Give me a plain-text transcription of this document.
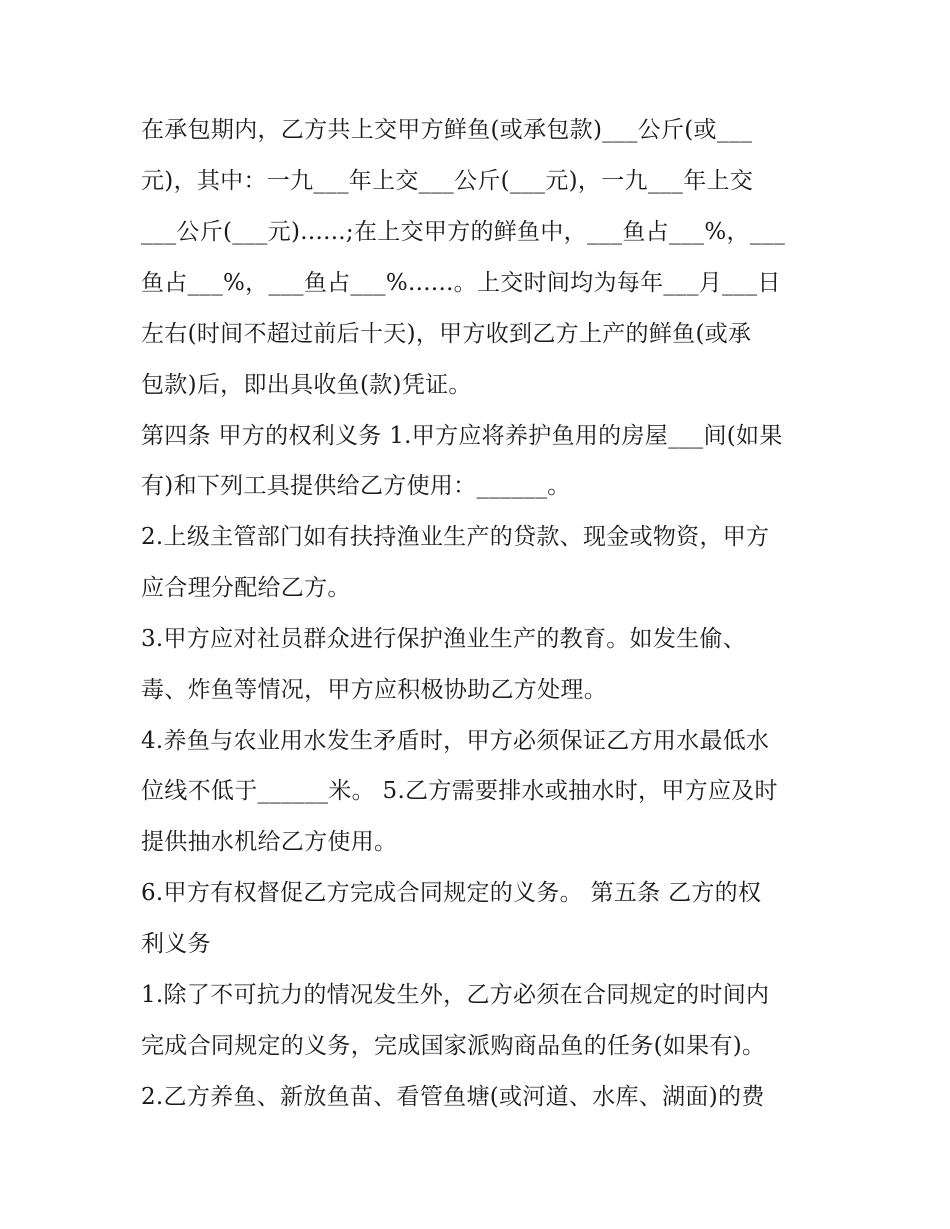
在承包期内，乙方共上交甲方鲜鱼(或承包款)___公斤(或___
元)，其中：一九___年上交___公斤(___元)，一九___年上交
___公斤(___元)......;在上交甲方的鲜鱼中，___鱼占___%，___
鱼占___%，___鱼占___%......。上交时间均为每年___月___日
左右(时间不超过前后十天)，甲方收到乙方上产的鲜鱼(或承
包款)后，即出具收鱼(款)凭证。
第四条 甲方的权利义务 1.甲方应将养护鱼用的房屋___间(如果
有)和下列工具提供给乙方使用：______。
2.上级主管部门如有扶持渔业生产的贷款、现金或物资，甲方
应合理分配给乙方。
3.甲方应对社员群众进行保护渔业生产的教育。如发生偷、
毒、炸鱼等情况，甲方应积极协助乙方处理。
4.养鱼与农业用水发生矛盾时，甲方必须保证乙方用水最低水
位线不低于______米。 5.乙方需要排水或抽水时，甲方应及时
提供抽水机给乙方使用。
6.甲方有权督促乙方完成合同规定的义务。 第五条 乙方的权
利义务
1.除了不可抗力的情况发生外，乙方必须在合同规定的时间内
完成合同规定的义务，完成国家派购商品鱼的任务(如果有)。
2.乙方养鱼、新放鱼苗、看管鱼塘(或河道、水库、湖面)的费
